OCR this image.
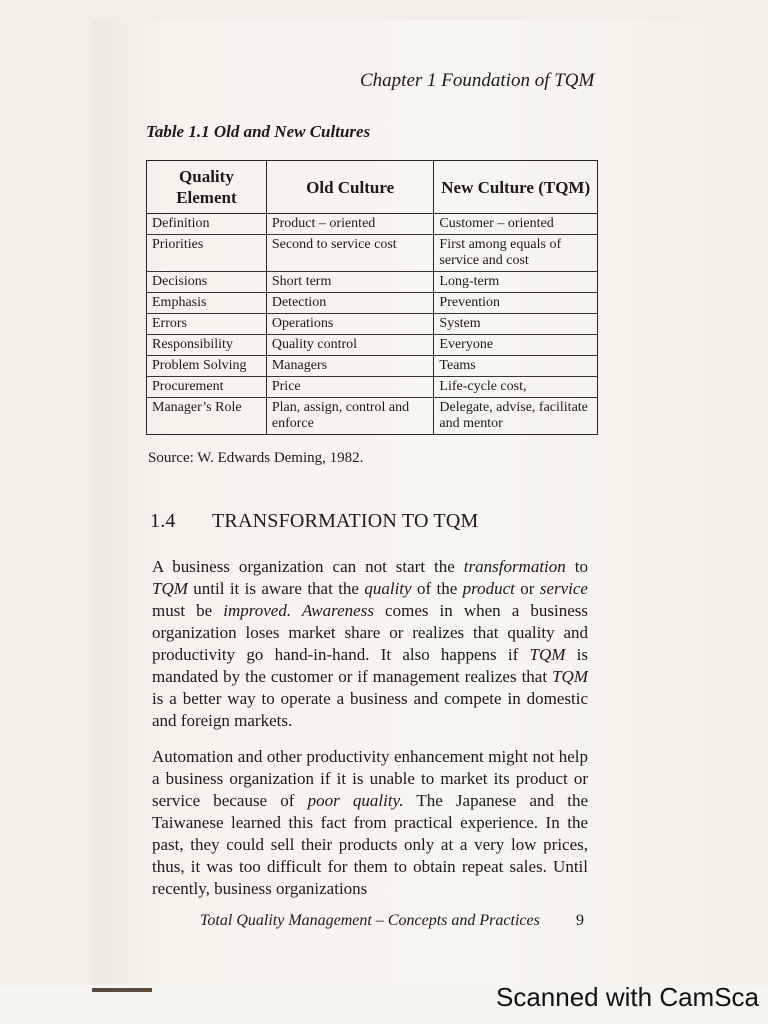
Chapter 1 Foundation of TQM
Table 1.1 Old and New Cultures
Quality Element	Old Culture	New Culture (TQM)
Definition	Product – oriented	Customer – oriented
Priorities	Second to service cost	First among equals of service and cost
Decisions	Short term	Long-term
Emphasis	Detection	Prevention
Errors	Operations	System
Responsibility	Quality control	Everyone
Problem Solving	Managers	Teams
Procurement	Price	Life-cycle cost,
Manager’s Role	Plan, assign, control and enforce	Delegate, advise, facilitate and mentor
Source: W. Edwards Deming, 1982.
1.4 TRANSFORMATION TO TQM

A business organization can not start the transformation to TQM until it is aware that the quality of the product or service must be improved. Awareness comes in when a business organization loses market share or realizes that quality and productivity go hand-in-hand. It also happens if TQM is mandated by the customer or if management realizes that TQM is a better way to operate a business and compete in domestic and foreign markets.

Automation and other productivity enhancement might not help a business organization if it is unable to market its product or service because of poor quality. The Japanese and the Taiwanese learned this fact from practical experience. In the past, they could sell their products only at a very low prices, thus, it was too difficult for them to obtain repeat sales. Until recently, business organizations

Total Quality Management – Concepts and Practices 9
Scanned with CamSca
